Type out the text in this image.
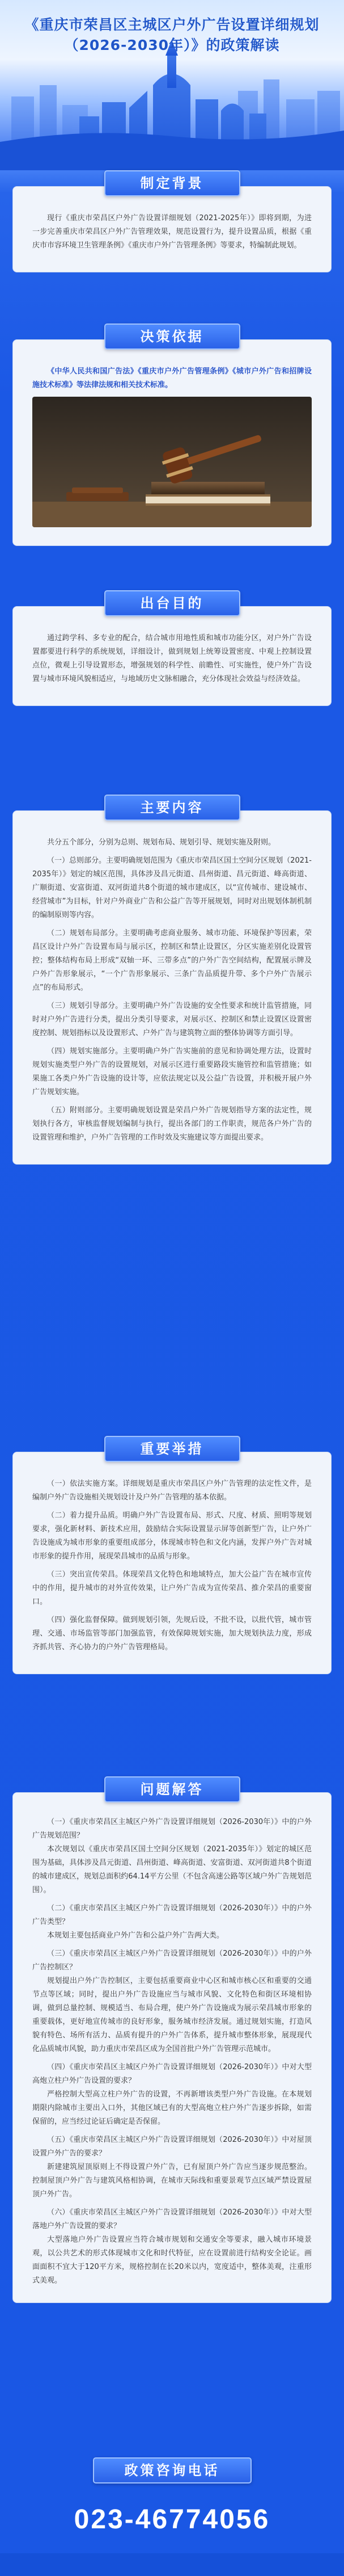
《重庆市荣昌区主城区户外广告设置详细规划（2026-2030年）》的政策解读
制定背景

现行《重庆市荣昌区户外广告设置详细规划（2021-2025年）》即将到期，为进一步完善重庆市荣昌区户外广告管理效果，规范设置行为，提升设置品质，根据《重庆市市容环境卫生管理条例》《重庆市户外广告管理条例》等要求，特编制此规划。

决策依据

《中华人民共和国广告法》《重庆市户外广告管理条例》《城市户外广告和招牌设施技术标准》等法律法规和相关技术标准。

出台目的

通过跨学科、多专业的配合，结合城市用地性质和城市功能分区，对户外广告设置都要进行科学的系统规划，详细设计，做到规划上统筹设置密度、中观上控制设置点位，微观上引导设置形态，增强规划的科学性、前瞻性、可实施性，使户外广告设置与城市环境风貌相适应，与地域历史文脉相融合，充分体现社会效益与经济效益。

主要内容

共分五个部分，分别为总则、规划布局、规划引导、规划实施及附则。

（一）总则部分。主要明确规划范围为《重庆市荣昌区国土空间分区规划（2021-2035年）》划定的城区范围，具体涉及昌元街道、昌州街道、昌元街道、峰高街道、广顺街道、安富街道、双河街道共8个街道的城市建成区，以“宣传城市、建设城市、经营城市”为目标，针对户外商业广告和公益广告等开展规划，同时对出规划体制机制的编制原则等内容。

（二）规划布局部分。主要明确考虑商业服务、城市功能、环境保护等因素，荣昌区设计户外广告设置布局与展示区，控制区和禁止设置区，分区实施差别化设置管控；整体结构布局上形成“双轴一环、三带多点”的户外广告空间结构，配置展示牌及户外广告形象展示，“一个广告形象展示、三条广告品质提升带、多个户外广告展示点”的布局形式。

（三）规划引导部分。主要明确户外广告设施的安全性要求和统计监管措施，同时对户外广告进行分类，提出分类引导要求，对展示区、控制区和禁止设置区设置密度控制、规划指标以及设置形式、户外广告与建筑物立面的整体协调等方面引导。

（四）规划实施部分。主要明确户外广告实施前的意见和协调处理方法，设置时规划实施类型户外广告的设置规划，对展示区进行重要路段实施管控和监管措施；如果施工各类户外广告设施的设计等，应依法规定以及公益广告设置，并积极开展户外广告规划实施。

（五）附则部分。主要明确规划设置是荣昌户外广告规划指导方案的法定性，规划执行各方，审核监督规划编制与执行，提出各部门的工作职责，规范各户外广告的设置管理和维护，户外广告管理的工作时效及实施建议等方面提出要求。

重要举措

（一）依法实施方案。详细规划是重庆市荣昌区户外广告管理的法定性文件，是编制户外广告设施相关规划设计及户外广告管理的基本依据。

（二）着力提升品质。明确户外广告设置布局、形式、尺度、材质、照明等规划要求，强化新材料、新技术应用，鼓励结合实际设置显示屏等创新型广告，让户外广告设施成为城市形象的重要组成部分，体现城市特色和文化内涵，发挥户外广告对城市形象的提升作用，展现荣昌城市的品质与形象。

（三）突出宣传荣昌。体现荣昌文化特色和地域特点，加大公益广告在城市宣传中的作用，提升城市的对外宣传效果，让户外广告成为宣传荣昌、推介荣昌的重要窗口。

（四）强化监督保障。做到规划引领，先规后设，不批不设，以批代管，城市管理、交通、市场监管等部门加强监管，有效保障规划实施，加大规划执法力度，形成齐抓共管、齐心协力的户外广告管理格局。

问题解答

（一）《重庆市荣昌区主城区户外广告设置详细规划（2026-2030年）》中的户外广告规划范围？

本次规划以《重庆市荣昌区国土空间分区规划（2021-2035年）》划定的城区范围为基础，具体涉及昌元街道、昌州街道、峰高街道、安富街道、双河街道共8个街道的城市建成区，规划总面积约64.14平方公里（不包含高速公路等区域户外广告规划范围）。

（二）《重庆市荣昌区主城区户外广告设置详细规划（2026-2030年）》中的户外广告类型？

本规划主要包括商业户外广告和公益户外广告两大类。

（三）《重庆市荣昌区主城区户外广告设置详细规划（2026-2030年）》中的户外广告控制区？

规划提出户外广告控制区，主要包括重要商业中心区和城市核心区和重要的交通节点等区域；同时，提出户外广告设施应当与城市风貌、文化特色和街区环境相协调，做到总量控制、规模适当、布局合理，使户外广告设施成为展示荣昌城市形象的重要载体，更好地宣传城市的良好形象，服务城市经济发展。通过规划实施，打造风貌有特色、场所有活力、品质有提升的户外广告体系，提升城市整体形象，展现现代化品质城市风貌，助力重庆市荣昌区成为全国首批户外广告管理示范城市。

（四）《重庆市荣昌区主城区户外广告设置详细规划（2026-2030年）》中对大型高炮立柱户外广告设置的要求？

严格控制大型高立柱户外广告的设置，不再新增该类型户外广告设施。在本规划期限内除城市主要出入口外，其他区域已有的大型高炮立柱户外广告逐步拆除，如需保留的，应当经过论证后确定是否保留。

（五）《重庆市荣昌区主城区户外广告设置详细规划（2026-2030年）》中对屋顶设置户外广告的要求？

新建建筑屋顶原则上不得设置户外广告，已有屋顶户外广告应当逐步规范整治。控制屋顶户外广告与建筑风格相协调，在城市天际线和重要景观节点区域严禁设置屋顶户外广告。

（六）《重庆市荣昌区主城区户外广告设置详细规划（2026-2030年）》中对大型落地户外广告设置的要求？

大型落地户外广告设置应当符合城市规划和交通安全等要求，融入城市环境景观，以公共艺术的形式体现城市文化和时代特征，应在设置前进行结构安全论证。画面面积不宜大于120平方米，规格控制在长20米以内，宽度适中，整体美观，注重形式美观。

政策咨询电话
023-46774056
